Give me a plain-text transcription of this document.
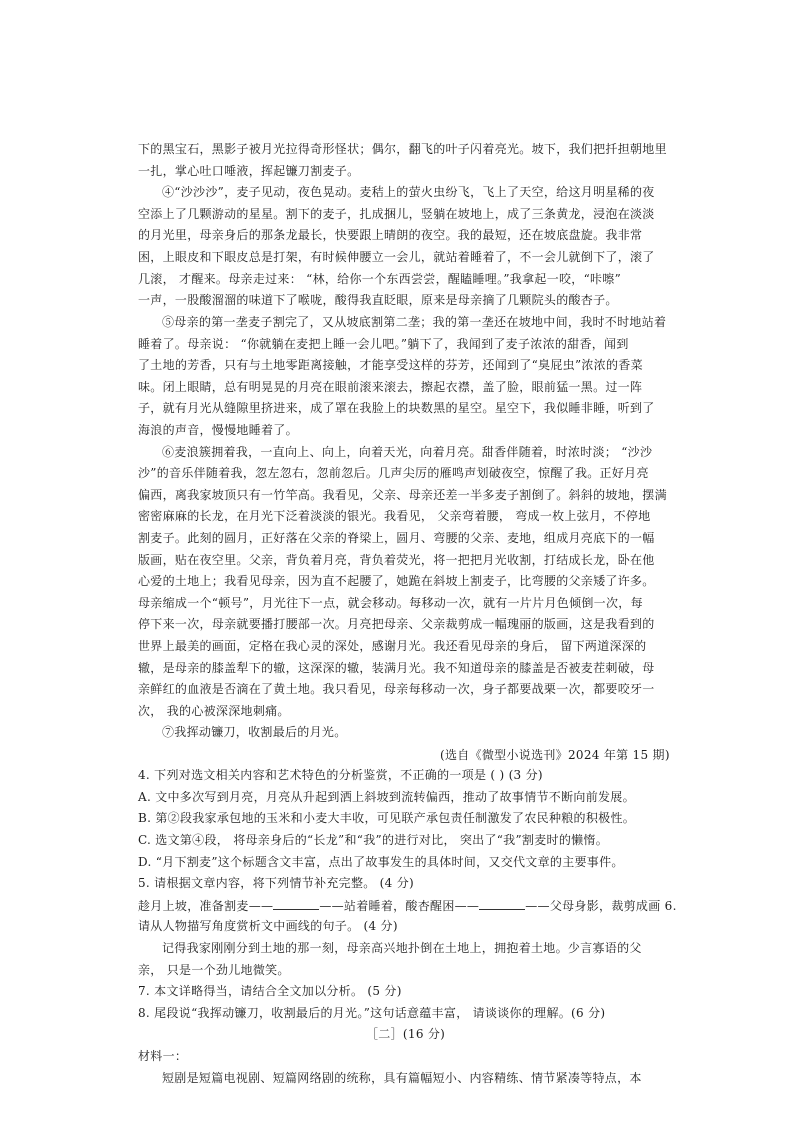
下的黑宝石，黑影子被月光拉得奇形怪状；偶尔，翻飞的叶子闪着亮光。坡下，我们把扦担朝地里
一扎，掌心吐口唾液，挥起镰刀割麦子。
④“沙沙沙”，麦子见动，夜色晃动。麦秸上的萤火虫纷飞，飞上了天空，给这月明星稀的夜
空添上了几颗游动的星星。割下的麦子，扎成捆儿，竖躺在坡地上，成了三条黄龙，浸泡在淡淡
的月光里，母亲身后的那条龙最长，快要跟上晴朗的夜空。我的最短，还在坡底盘旋。我非常
困，上眼皮和下眼皮总是打架，有时候伸腰立一会儿，就站着睡着了，不一会儿就倒下了，滚了
几滚， 才醒来。母亲走过来： “林，给你一个东西尝尝，醒瞌睡哩。”我拿起一咬，“咔嚓”
一声，一股酸溜溜的味道下了喉咙，酸得我直眨眼，原来是母亲摘了几颗院头的酸杏子。
⑤母亲的第一垄麦子割完了，又从坡底割第二垄；我的第一垄还在坡地中间，我时不时地站着
睡着了。母亲说： “你就躺在麦把上睡一会儿吧。”躺下了，我闻到了麦子浓浓的甜香，闻到
了土地的芳香，只有与土地零距离接触，才能享受这样的芬芳，还闻到了“臭屁虫”浓浓的香菜
味。闭上眼睛，总有明晃晃的月亮在眼前滚来滚去，擦起衣襟，盖了脸，眼前猛一黑。过一阵
子，就有月光从缝隙里挤进来，成了罩在我脸上的块数黑的星空。星空下，我似睡非睡，听到了
海浪的声音，慢慢地睡着了。
⑥麦浪簇拥着我，一直向上、向上，向着天光，向着月亮。甜香伴随着，时浓时淡； “沙沙
沙”的音乐伴随着我，忽左忽右，忽前忽后。几声尖厉的雁鸣声划破夜空，惊醒了我。正好月亮
偏西，离我家坡顶只有一竹竿高。我看见，父亲、母亲还差一半多麦子割倒了。斜斜的坡地，摆满
密密麻麻的长龙，在月光下泛着淡淡的银光。我看见， 父亲弯着腰， 弯成一枚上弦月，不停地
割麦子。此刻的圆月，正好落在父亲的脊梁上，圆月、弯腰的父亲、麦地，组成月亮底下的一幅
版画，贴在夜空里。父亲，背负着月亮，背负着荧光，将一把把月光收割，打结成长龙，卧在他
心爱的土地上；我看见母亲，因为直不起腰了，她跪在斜坡上割麦子，比弯腰的父亲矮了许多。
母亲缩成一个“顿号”，月光往下一点，就会移动。每移动一次，就有一片片月色倾倒一次，每
停下来一次，母亲就要播打腰部一次。月亮把母亲、父亲裁剪成一幅瑰丽的版画，这是我看到的
世界上最美的画面，定格在我心灵的深处，感谢月光。我还看见母亲的身后， 留下两道深深的
辙，是母亲的膝盖犁下的辙，这深深的辙，装满月光。我不知道母亲的膝盖是否被麦茬刺破，母
亲鲜红的血液是否滴在了黄土地。我只看见，母亲每移动一次，身子都要战栗一次，都要咬牙一
次， 我的心被深深地刺痛。
⑦我挥动镰刀，收割最后的月光。
(选自《微型小说选刊》2024 年第 15 期)
4. 下列对选文相关内容和艺术特色的分析鉴赏，不正确的一项是 ( ) (3 分)
A. 文中多次写到月亮，月亮从升起到洒上斜坡到流转偏西，推动了故事情节不断向前发展。
B. 第②段我家承包地的玉米和小麦大丰收，可见联产承包责任制激发了农民种粮的积极性。
C. 选文第④段， 将母亲身后的“长龙”和“我”的进行对比， 突出了“我”割麦时的懒惰。
D. “月下割麦”这个标题含文丰富，点出了故事发生的具体时间，又交代文章的主要事件。
5. 请根据文章内容，将下列情节补充完整。 (4 分)
趁月上坡，准备割麦——	——站着睡着，酸杏醒困——	——父母身影，裁剪成画 6.
请从人物描写角度赏析文中画线的句子。 (4 分)
记得我家刚刚分到土地的那一刻，母亲高兴地扑倒在土地上，拥抱着土地。少言寡语的父
亲， 只是一个劲儿地微笑。
7. 本文详略得当，请结合全文加以分析。 (5 分)
8. 尾段说“我挥动镰刀，收割最后的月光。”这句话意蕴丰富， 请谈谈你的理解。(6 分)
［二］(16 分)
材料一：
短剧是短篇电视剧、短篇网络剧的统称，具有篇幅短小、内容精练、情节紧凑等特点，本
